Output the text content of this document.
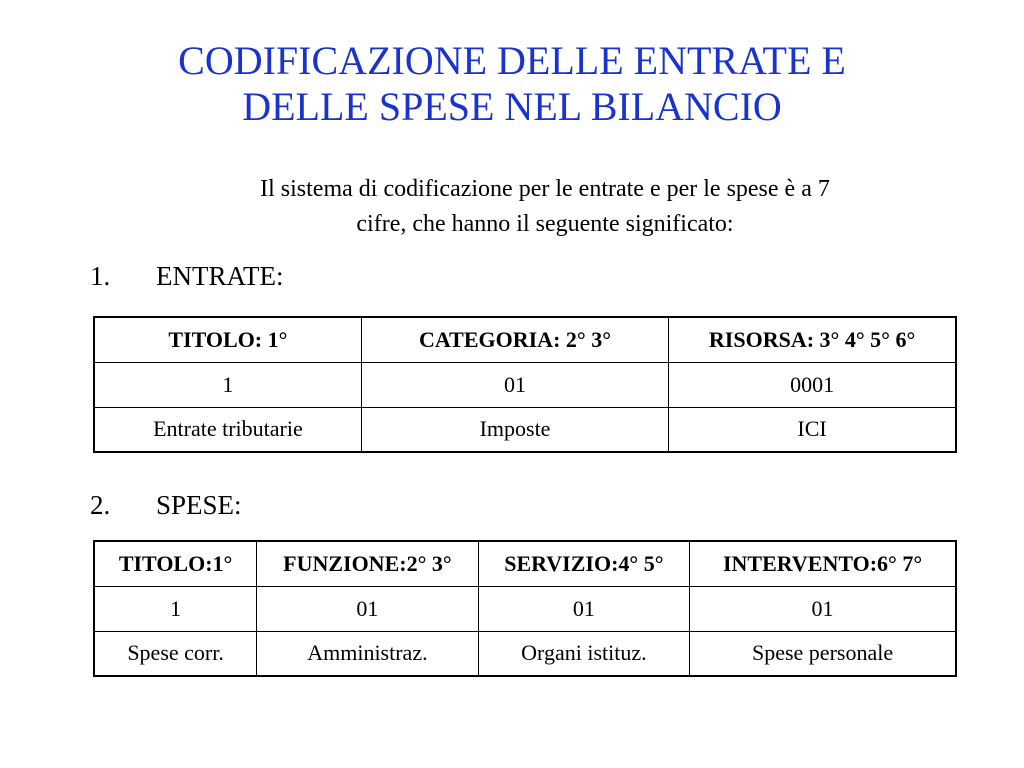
CODIFICAZIONE DELLE ENTRATE E
DELLE SPESE NEL BILANCIO
Il sistema di codificazione per le entrate e per le spese è a 7
cifre, che hanno il seguente significato:
1. ENTRATE:
TITOLO: 1°	CATEGORIA: 2° 3°	RISORSA: 3° 4° 5° 6°
1	01	0001
Entrate tributarie	Imposte	ICI
2. SPESE:
TITOLO:1°	FUNZIONE:2° 3°	SERVIZIO:4° 5°	INTERVENTO:6° 7°
1	01	01	01
Spese corr.	Amministraz.	Organi istituz.	Spese personale
